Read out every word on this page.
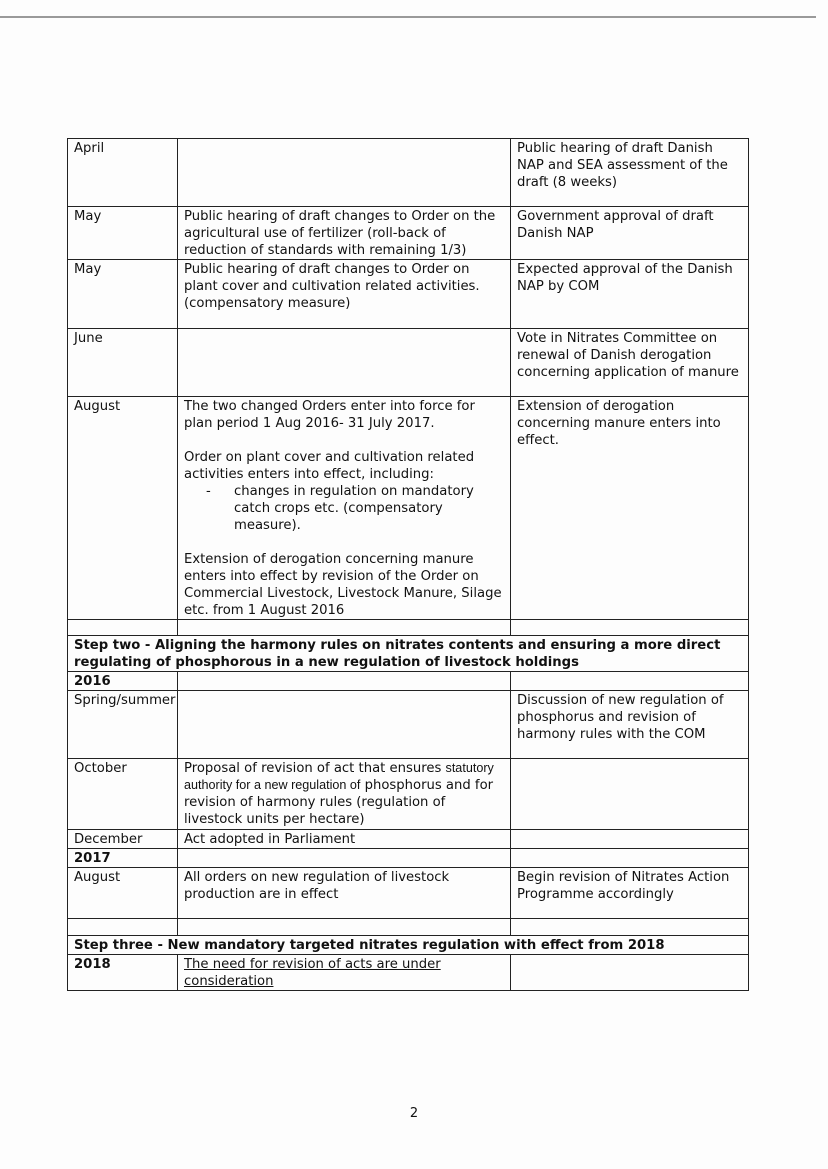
April		Public hearing of draft Danish NAP and SEA assessment of the draft (8 weeks)
May	Public hearing of draft changes to Order on the agricultural use of fertilizer (roll-back of reduction of standards with remaining 1/3)	Government approval of draft Danish NAP
May	Public hearing of draft changes to Order on plant cover and cultivation related activities. (compensatory measure)	Expected approval of the Danish NAP by COM
June		Vote in Nitrates Committee on renewal of Danish derogation concerning application of manure
August	The two changed Orders enter into force for plan period 1 Aug 2016- 31 July 2017.

Order on plant cover and cultivation related activities enters into effect, including:

- changes in regulation on mandatory catch crops etc. (compensatory measure).

Extension of derogation concerning manure enters into effect by revision of the Order on Commercial Livestock, Livestock Manure, Silage etc. from 1 August 2016	Extension of derogation concerning manure enters into effect.

Step two - Aligning the harmony rules on nitrates contents and ensuring a more direct regulating of phosphorous in a new regulation of livestock holdings		
2016		
Spring/summer		Discussion of new regulation of phosphorus and revision of harmony rules with the COM
October	Proposal of revision of act that ensures statutory authority for a new regulation of phosphorus and for revision of harmony rules (regulation of livestock units per hectare)	
December	Act adopted in Parliament	
2017		
August	All orders on new regulation of livestock production are in effect	Begin revision of Nitrates Action Programme accordingly

Step three - New mandatory targeted nitrates regulation with effect from 2018		
2018	The need for revision of acts are under consideration	
2
